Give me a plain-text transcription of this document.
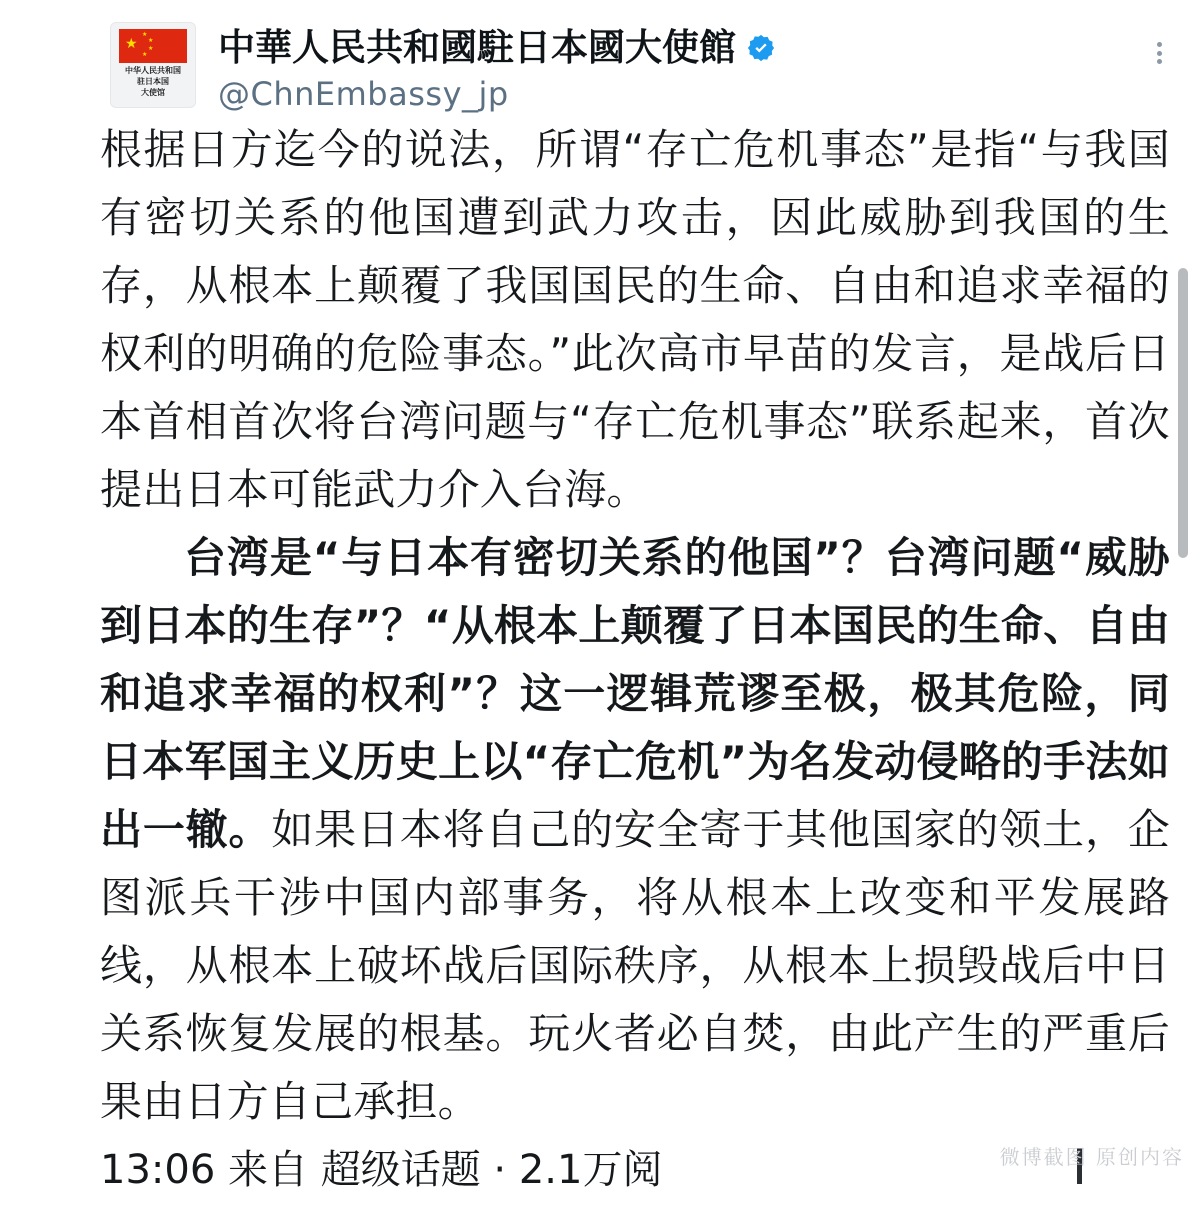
★ ★
★
★
★
中华人民共和国
驻日本国
大使馆
中華人民共和國駐日本國大使館
@ChnEmbassy_jp

根据日方迄今的说法，所谓“存亡危机事态”是指“与我国有密切关系的他国遭到武力攻击，因此威胁到我国的生存，从根本上颠覆了我国国民的生命、自由和追求幸福的权利的明确的危险事态。”此次高市早苗的发言，是战后日本首相首次将台湾问题与“存亡危机事态”联系起来，首次提出日本可能武力介入台海。

台湾是“与日本有密切关系的他国”？台湾问题“威胁到日本的生存”？“从根本上颠覆了日本国民的生命、自由和追求幸福的权利”？这一逻辑荒谬至极，极其危险，同日本军国主义历史上以“存亡危机”为名发动侵略的手法如出一辙。如果日本将自己的安全寄于其他国家的领土，企图派兵干涉中国内部事务，将从根本上改变和平发展路线，从根本上破坏战后国际秩序，从根本上损毁战后中日关系恢复发展的根基。玩火者必自焚，由此产生的严重后果由日方自己承担。

13:06 来自 超级话题 · 2.1万阅	微博截图 原创内容
